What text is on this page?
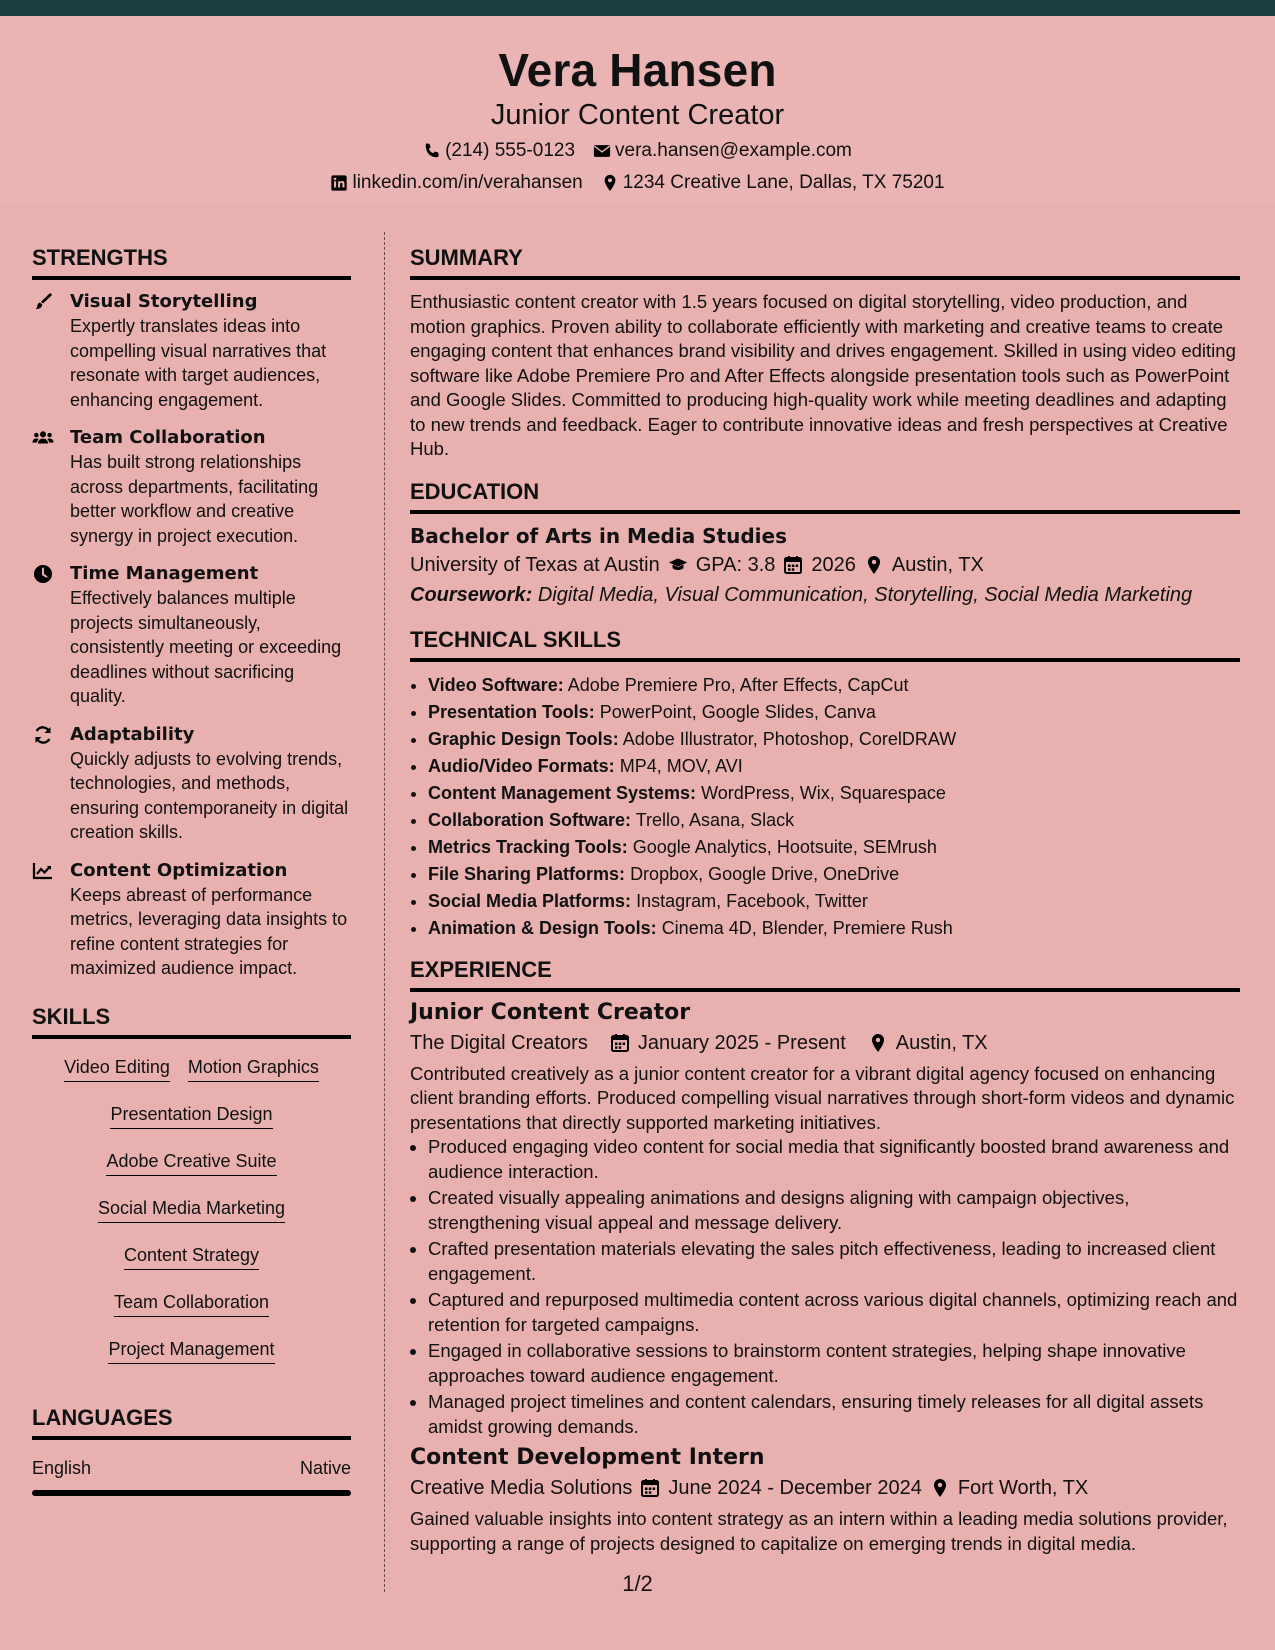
Vera Hansen
Junior Content Creator
(214) 555-0123 vera.hansen@example.com
linkedin.com/in/verahansen 1234 Creative Lane, Dallas, TX 75201
STRENGTHS
Visual Storytelling
Expertly translates ideas into compelling visual narratives that resonate with target audiences, enhancing engagement.
Team Collaboration
Has built strong relationships across departments, facilitating better workflow and creative synergy in project execution.
Time Management
Effectively balances multiple projects simultaneously, consistently meeting or exceeding deadlines without sacrificing quality.
Adaptability
Quickly adjusts to evolving trends, technologies, and methods, ensuring contemporaneity in digital creation skills.
Content Optimization
Keeps abreast of performance metrics, leveraging data insights to refine content strategies for maximized audience impact.
SKILLS
Video Editing Motion Graphics
Presentation Design
Adobe Creative Suite
Social Media Marketing
Content Strategy
Team Collaboration
Project Management
LANGUAGES
English	Native
SUMMARY

Enthusiastic content creator with 1.5 years focused on digital storytelling, video production, and motion graphics. Proven ability to collaborate efficiently with marketing and creative teams to create engaging content that enhances brand visibility and drives engagement. Skilled in using video editing software like Adobe Premiere Pro and After Effects alongside presentation tools such as PowerPoint and Google Slides. Committed to producing high-quality work while meeting deadlines and adapting to new trends and feedback. Eager to contribute innovative ideas and fresh perspectives at Creative Hub.

EDUCATION
Bachelor of Arts in Media Studies
University of Texas at Austin GPA: 3.8 2026 Austin, TX
Coursework: Digital Media, Visual Communication, Storytelling, Social Media Marketing
TECHNICAL SKILLS
• Video Software: Adobe Premiere Pro, After Effects, CapCut
• Presentation Tools: PowerPoint, Google Slides, Canva
• Graphic Design Tools: Adobe Illustrator, Photoshop, CorelDRAW
• Audio/Video Formats: MP4, MOV, AVI
• Content Management Systems: WordPress, Wix, Squarespace
• Collaboration Software: Trello, Asana, Slack
• Metrics Tracking Tools: Google Analytics, Hootsuite, SEMrush
• File Sharing Platforms: Dropbox, Google Drive, OneDrive
• Social Media Platforms: Instagram, Facebook, Twitter
• Animation & Design Tools: Cinema 4D, Blender, Premiere Rush
EXPERIENCE
Junior Content Creator
The Digital Creators	January 2025 - Present	Austin, TX
Contributed creatively as a junior content creator for a vibrant digital agency focused on enhancing client branding efforts. Produced compelling visual narratives through short-form videos and dynamic presentations that directly supported marketing initiatives.
• Produced engaging video content for social media that significantly boosted brand awareness and audience interaction.
• Created visually appealing animations and designs aligning with campaign objectives, strengthening visual appeal and message delivery.
• Crafted presentation materials elevating the sales pitch effectiveness, leading to increased client engagement.
• Captured and repurposed multimedia content across various digital channels, optimizing reach and retention for targeted campaigns.
• Engaged in collaborative sessions to brainstorm content strategies, helping shape innovative approaches toward audience engagement.
• Managed project timelines and content calendars, ensuring timely releases for all digital assets amidst growing demands.
Content Development Intern
Creative Media Solutions June 2024 - December 2024 Fort Worth, TX
Gained valuable insights into content strategy as an intern within a leading media solutions provider, supporting a range of projects designed to capitalize on emerging trends in digital media.
1/2
